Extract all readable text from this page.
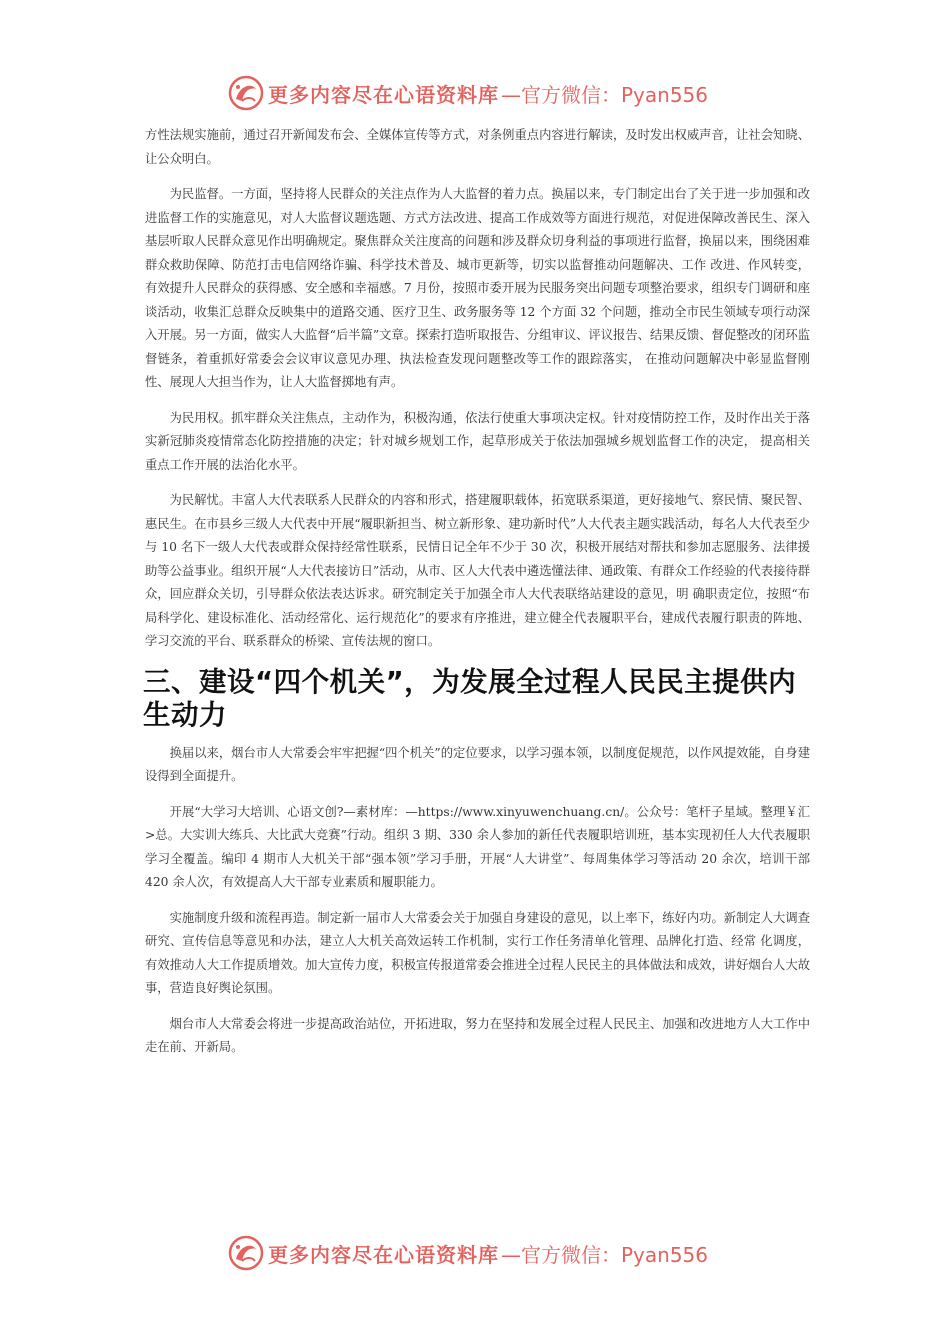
更多内容尽在心语资料库 —官方微信：Pyan556

方性法规实施前，通过召开新闻发布会、全媒体宣传等方式，对条例重点内容进行解读，及时发出权威声音，让社会知晓、让公众明白。

为民监督。一方面，坚持将人民群众的关注点作为人大监督的着力点。换届以来，专门制定出台了关于进一步加强和改进监督工作的实施意见，对人大监督议题选题、方式方法改进、提高工作成效等方面进行规范，对促进保障改善民生、深入基层听取人民群众意见作出明确规定。聚焦群众关注度高的问题和涉及群众切身利益的事项进行监督，换届以来，围绕困难群众救助保障、防范打击电信网络诈骗、科学技术普及、城市更新等，切实以监督推动问题解决、工作 改进、作风转变，有效提升人民群众的获得感、安全感和幸福感。7 月份，按照市委开展为民服务突出问题专项整治要求，组织专门调研和座谈活动，收集汇总群众反映集中的道路交通、医疗卫生、政务服务等 12 个方面 32 个问题，推动全市民生领域专项行动深入开展。另一方面，做实人大监督“后半篇”文章。探索打造听取报告、分组审议、评议报告、结果反馈、督促整改的闭环监督链条，着重抓好常委会会议审议意见办理、执法检查发现问题整改等工作的跟踪落实， 在推动问题解决中彰显监督刚性、展现人大担当作为，让人大监督掷地有声。

为民用权。抓牢群众关注焦点，主动作为，积极沟通，依法行使重大事项决定权。针对疫情防控工作，及时作出关于落实新冠肺炎疫情常态化防控措施的决定；针对城乡规划工作，起草形成关于依法加强城乡规划监督工作的决定， 提高相关重点工作开展的法治化水平。

为民解忧。丰富人大代表联系人民群众的内容和形式，搭建履职载体，拓宽联系渠道，更好接地气、察民情、聚民智、惠民生。在市县乡三级人大代表中开展“履职新担当、树立新形象、建功新时代”人大代表主题实践活动，每名人大代表至少与 10 名下一级人大代表或群众保持经常性联系，民情日记全年不少于 30 次，积极开展结对帮扶和参加志愿服务、法律援助等公益事业。组织开展“人大代表接访日”活动，从市、区人大代表中遴选懂法律、通政策、有群众工作经验的代表接待群众，回应群众关切，引导群众依法表达诉求。研究制定关于加强全市人大代表联络站建设的意见，明 确职责定位，按照“布局科学化、建设标准化、活动经常化、运行规范化”的要求有序推进，建立健全代表履职平台，建成代表履行职责的阵地、学习交流的平台、联系群众的桥梁、宣传法规的窗口。

三、建设“四个机关”，为发展全过程人民民主提供内生动力

换届以来，烟台市人大常委会牢牢把握“四个机关”的定位要求，以学习强本领，以制度促规范，以作风提效能，自身建设得到全面提升。

开展“大学习大培训、心语文创?—素材库：—https://www.xinyuwenchuang.cn/。公众号：笔杆子星域。整理￥汇>总。大实训大练兵、大比武大竞赛”行动。组织 3 期、330 余人参加的新任代表履职培训班，基本实现初任人大代表履职学习全覆盖。编印 4 期市人大机关干部“强本领”学习手册，开展“人大讲堂”、每周集体学习等活动 20 余次，培训干部 420 余人次，有效提高人大干部专业素质和履职能力。

实施制度升级和流程再造。制定新一届市人大常委会关于加强自身建设的意见，以上率下，练好内功。新制定人大调查研究、宣传信息等意见和办法，建立人大机关高效运转工作机制，实行工作任务清单化管理、品牌化打造、经常 化调度，有效推动人大工作提质增效。加大宣传力度，积极宣传报道常委会推进全过程人民民主的具体做法和成效，讲好烟台人大故事，营造良好舆论氛围。

烟台市人大常委会将进一步提高政治站位，开拓进取，努力在坚持和发展全过程人民民主、加强和改进地方人大工作中走在前、开新局。

更多内容尽在心语资料库 —官方微信：Pyan556
